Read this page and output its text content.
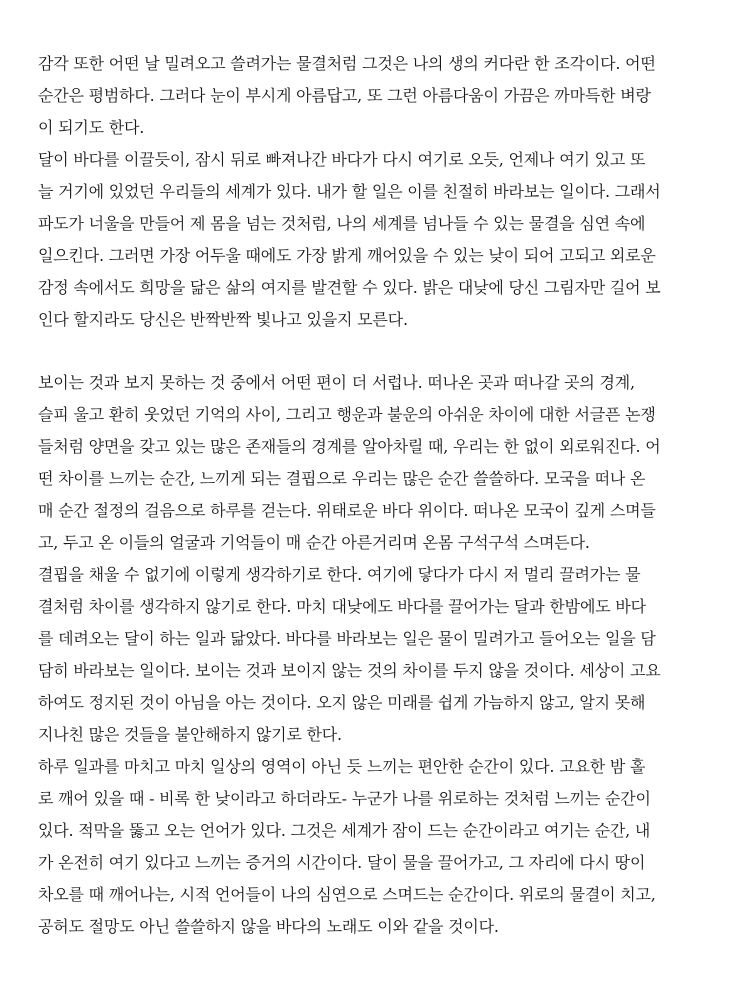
감각 또한 어떤 날 밀려오고 쓸려가는 물결처럼 그것은 나의 생의 커다란 한 조각이다. 어떤
순간은 평범하다. 그러다 눈이 부시게 아름답고, 또 그런 아름다움이 가끔은 까마득한 벼랑
이 되기도 한다.
달이 바다를 이끌듯이, 잠시 뒤로 빠져나간 바다가 다시 여기로 오듯, 언제나 여기 있고 또
늘 거기에 있었던 우리들의 세계가 있다. 내가 할 일은 이를 친절히 바라보는 일이다. 그래서
파도가 너울을 만들어 제 몸을 넘는 것처럼, 나의 세계를 넘나들 수 있는 물결을 심연 속에
일으킨다. 그러면 가장 어두울 때에도 가장 밝게 깨어있을 수 있는 낮이 되어 고되고 외로운
감정 속에서도 희망을 닮은 삶의 여지를 발견할 수 있다. 밝은 대낮에 당신 그림자만 길어 보
인다 할지라도 당신은 반짝반짝 빛나고 있을지 모른다.
보이는 것과 보지 못하는 것 중에서 어떤 편이 더 서럽나. 떠나온 곳과 떠나갈 곳의 경계,
슬피 울고 환히 웃었던 기억의 사이, 그리고 행운과 불운의 아쉬운 차이에 대한 서글픈 논쟁
들처럼 양면을 갖고 있는 많은 존재들의 경계를 알아차릴 때, 우리는 한 없이 외로워진다. 어
떤 차이를 느끼는 순간, 느끼게 되는 결핍으로 우리는 많은 순간 쓸쓸하다. 모국을 떠나 온
매 순간 절정의 걸음으로 하루를 걷는다. 위태로운 바다 위이다. 떠나온 모국이 깊게 스며들
고, 두고 온 이들의 얼굴과 기억들이 매 순간 아른거리며 온몸 구석구석 스며든다.
결핍을 채울 수 없기에 이렇게 생각하기로 한다. 여기에 닿다가 다시 저 멀리 끌려가는 물
결처럼 차이를 생각하지 않기로 한다. 마치 대낮에도 바다를 끌어가는 달과 한밤에도 바다
를 데려오는 달이 하는 일과 닮았다. 바다를 바라보는 일은 물이 밀려가고 들어오는 일을 담
담히 바라보는 일이다. 보이는 것과 보이지 않는 것의 차이를 두지 않을 것이다. 세상이 고요
하여도 정지된 것이 아님을 아는 것이다. 오지 않은 미래를 쉽게 가늠하지 않고, 알지 못해
지나친 많은 것들을 불안해하지 않기로 한다.
하루 일과를 마치고 마치 일상의 영역이 아닌 듯 느끼는 편안한 순간이 있다. 고요한 밤 홀
로 깨어 있을 때 - 비록 한 낮이라고 하더라도- 누군가 나를 위로하는 것처럼 느끼는 순간이
있다. 적막을 뚫고 오는 언어가 있다. 그것은 세계가 잠이 드는 순간이라고 여기는 순간, 내
가 온전히 여기 있다고 느끼는 증거의 시간이다. 달이 물을 끌어가고, 그 자리에 다시 땅이
차오를 때 깨어나는, 시적 언어들이 나의 심연으로 스며드는 순간이다. 위로의 물결이 치고,
공허도 절망도 아닌 쓸쓸하지 않을 바다의 노래도 이와 같을 것이다.
